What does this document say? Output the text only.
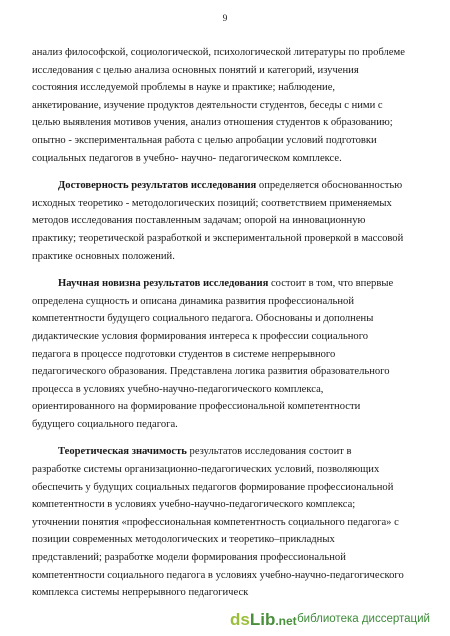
9

анализ философской, социологической, психологической литературы по проблеме

исследования с целью анализа основных понятий и категорий, изучения

состояния исследуемой проблемы в науке и практике; наблюдение,

анкетирование, изучение продуктов деятельности студентов, беседы с ними с

целью выявления мотивов учения, анализ отношения студентов к образованию;

опытно - экспериментальная работа с целью апробации условий подготовки

социальных педагогов в учебно- научно- педагогическом комплексе.

Достоверность результатов исследования определяется обоснованностью

исходных теоретико - методологических позиций; соответствием применяемых

методов исследования поставленным задачам; опорой на инновационную

практику; теоретической разработкой и экспериментальной проверкой в массовой

практике основных положений.

Научная новизна результатов исследования состоит в том, что впервые

определена сущность и описана динамика развития профессиональной

компетентности будущего социального педагога. Обоснованы и дополнены

дидактические условия формирования интереса к профессии социального

педагога в процессе подготовки студентов в системе непрерывного

педагогического образования. Представлена логика развития образовательного

процесса в условиях учебно-научно-педагогического комплекса,

ориентированного на формирование профессиональной компетентности

будущего социального педагога.

Теоретическая значимость результатов исследования состоит в

разработке системы организационно-педагогических условий, позволяющих

обеспечить у будущих социальных педагогов формирование профессиональной

компетентности в условиях учебно-научно-педагогического комплекса;

уточнении понятия «профессиональная компетентность социального педагога» с

позиции современных методологических и теоретико–прикладных

представлений; разработке модели формирования профессиональной

компетентности социального педагога в условиях учебно-научно-педагогического

комплекса системы непрерывного педагогическ

dsLib.net библиотека диссертаций
